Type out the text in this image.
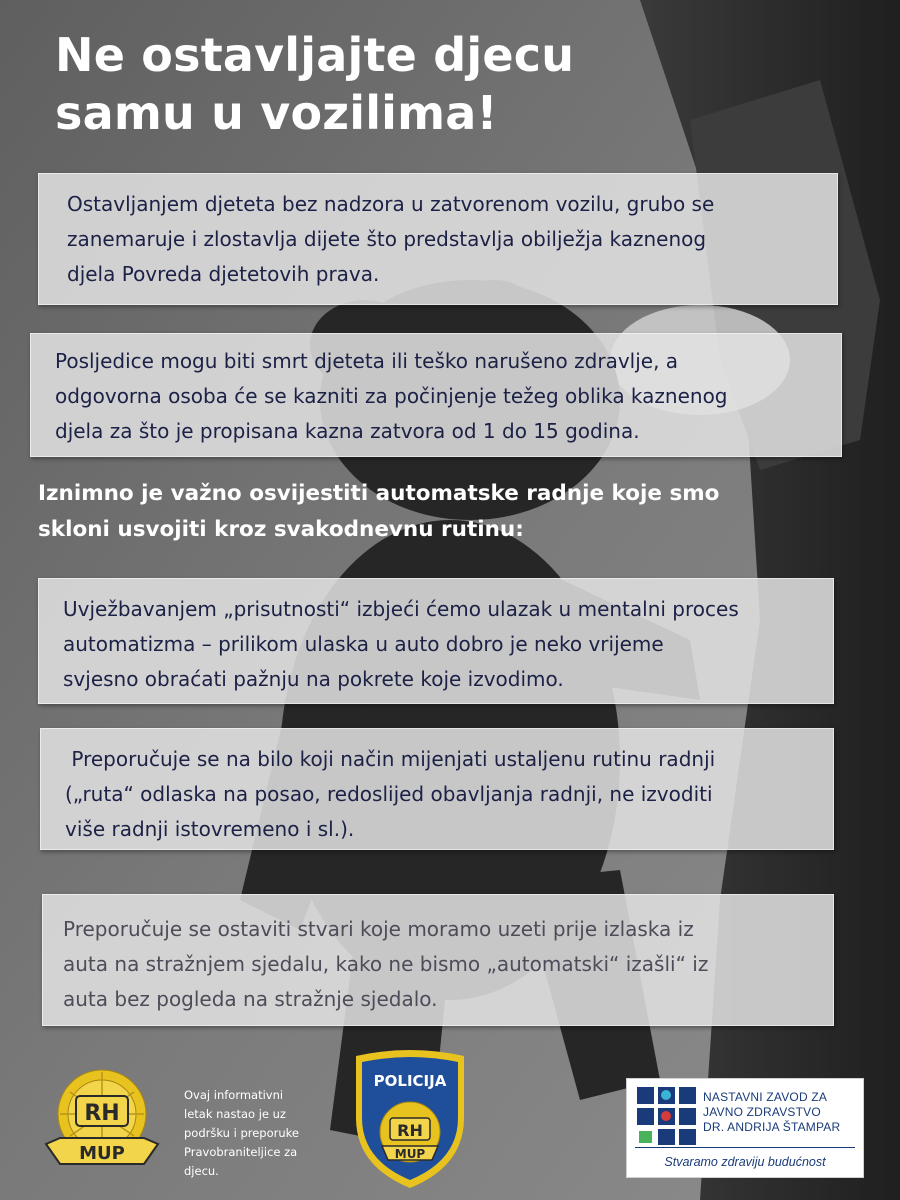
Ne ostavljajte djecu
samu u vozilima!
Ostavljanjem djeteta bez nadzora u zatvorenom vozilu, grubo se
zanemaruje i zlostavlja dijete što predstavlja obilježja kaznenog
djela Povreda djetetovih prava.
Posljedice mogu biti smrt djeteta ili teško narušeno zdravlje, a
odgovorna osoba će se kazniti za počinjenje težeg oblika kaznenog
djela za što je propisana kazna zatvora od 1 do 15 godina.

Iznimno je važno osvijestiti automatske radnje koje smo
skloni usvojiti kroz svakodnevnu rutinu:

Uvježbavanjem „prisutnosti“ izbjeći ćemo ulazak u mentalni proces
automatizma – prilikom ulaska u auto dobro je neko vrijeme
svjesno obraćati pažnju na pokrete koje izvodimo.
Preporučuje se na bilo koji način mijenjati ustaljenu rutinu radnji
(„ruta“ odlaska na posao, redoslijed obavljanja radnji, ne izvoditi
više radnji istovremeno i sl.).
Preporučuje se ostaviti stvari koje moramo uzeti prije izlaska iz
auta na stražnjem sjedalu, kako ne bismo „automatski“ izašli“ iz
auta bez pogleda na stražnje sjedalo.
RH
MUP
Ovaj informativni
letak nastao je uz
podršku i preporuke
Pravobraniteljice za
djecu.
POLICIJA
RH
MUP
NASTAVNI ZAVOD ZA
JAVNO ZDRAVSTVO
DR. ANDRIJA ŠTAMPAR
Stvaramo zdraviju budućnost
